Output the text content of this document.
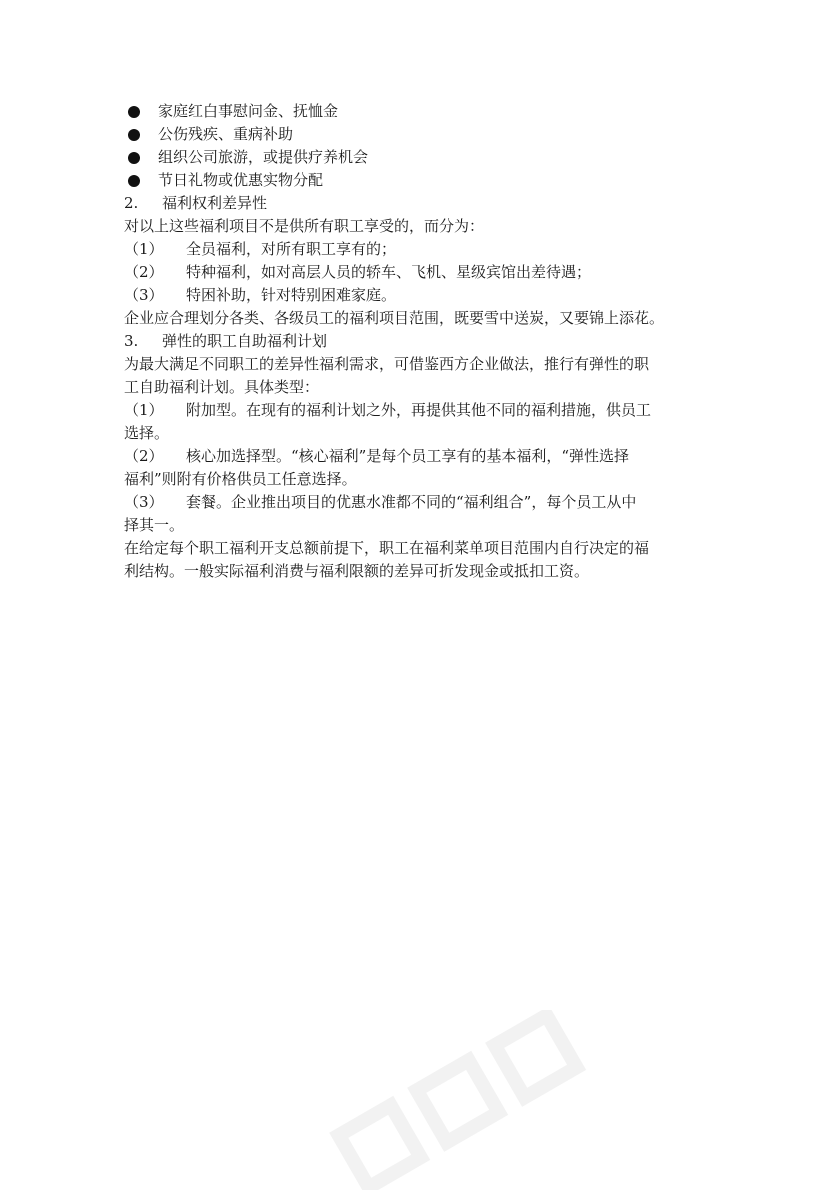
家庭红白事慰问金、抚恤金
公伤残疾、重病补助
组织公司旅游，或提供疗养机会
节日礼物或优惠实物分配
2.	福利权利差异性
对以上这些福利项目不是供所有职工享受的，而分为：
（1）	全员福利，对所有职工享有的；
（2）	特种福利，如对高层人员的轿车、飞机、星级宾馆出差待遇；
（3）	特困补助，针对特别困难家庭。
企业应合理划分各类、各级员工的福利项目范围，既要雪中送炭，又要锦上添花。
3.	弹性的职工自助福利计划
为最大满足不同职工的差异性福利需求，可借鉴西方企业做法，推行有弹性的职
工自助福利计划。具体类型：
（1）	附加型。在现有的福利计划之外，再提供其他不同的福利措施，供员工
选择。
（2）	核心加选择型。“核心福利”是每个员工享有的基本福利，“弹性选择
福利”则附有价格供员工任意选择。
（3）	套餐。企业推出项目的优惠水准都不同的“福利组合”，每个员工从中
择其一。
在给定每个职工福利开支总额前提下，职工在福利菜单项目范围内自行决定的福
利结构。一般实际福利消费与福利限额的差异可折发现金或抵扣工资。
